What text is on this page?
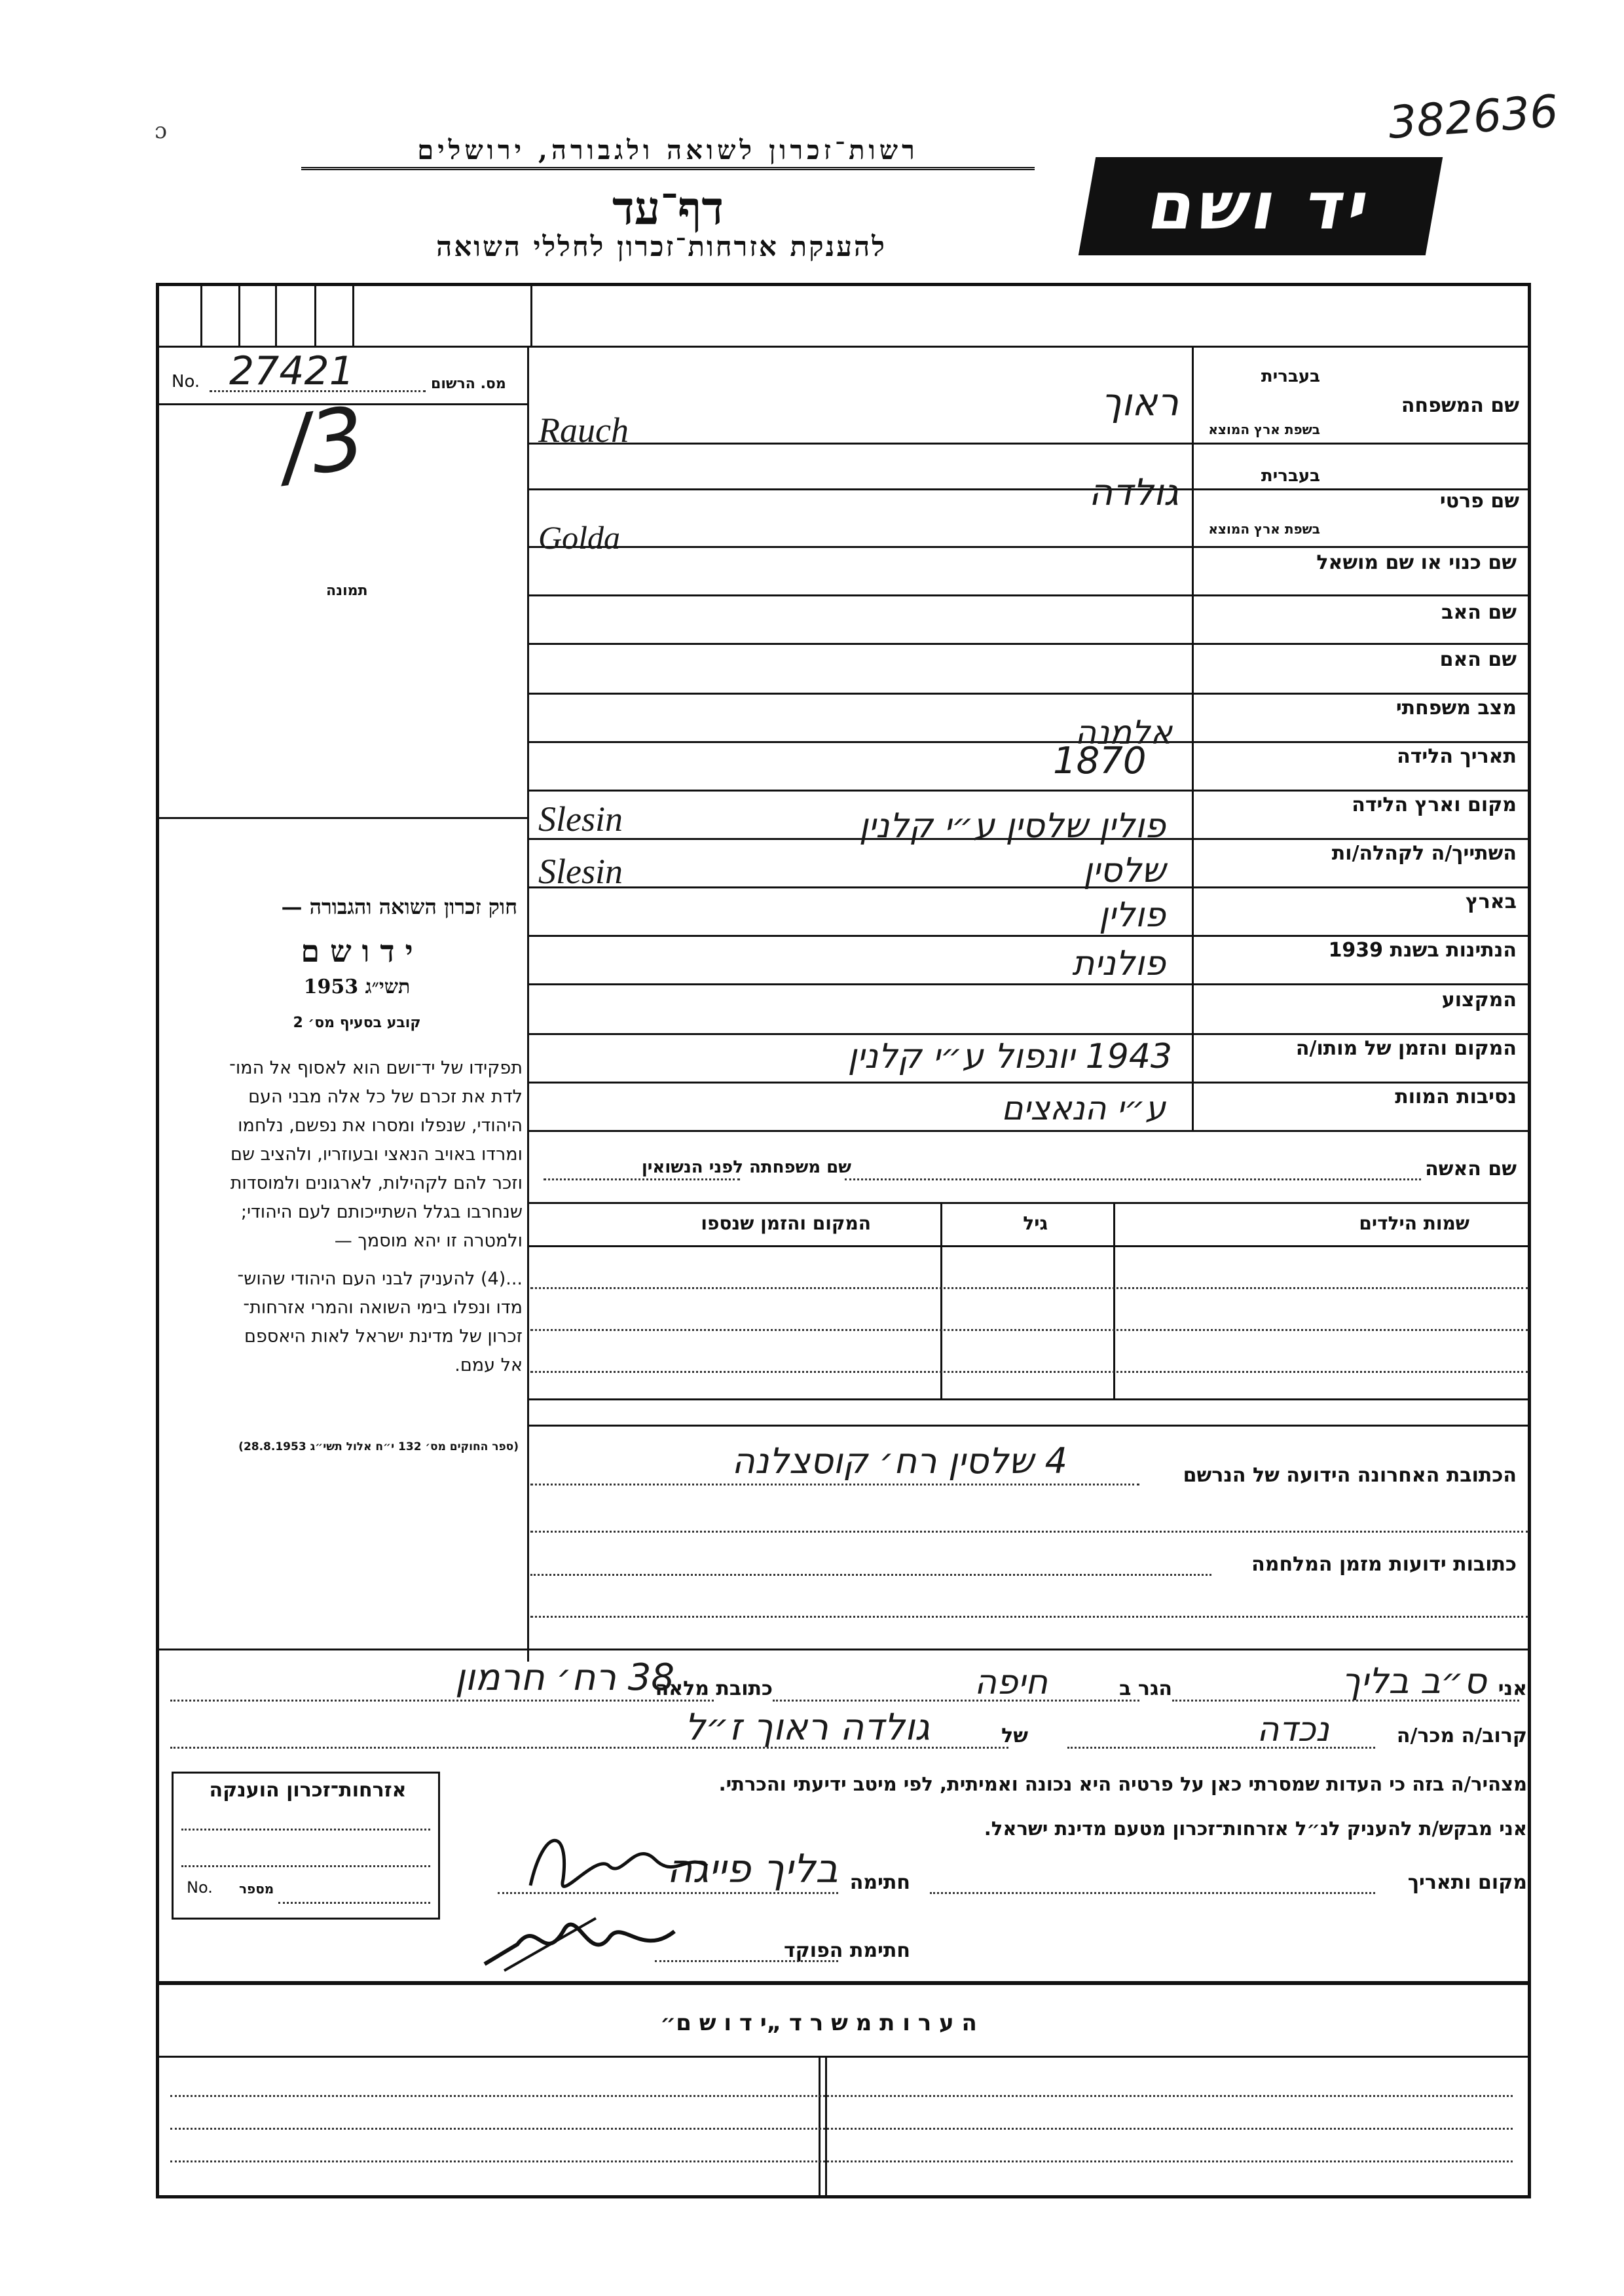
382636
ɔ
רשות־זכרון לשואה ולגבורה, ירושלים
דף־עד
להענקת אזרחות־זכרון לחללי השואה
יד ושם
No. 27421	מס. הרשום
/3
תמונה
חוק זכרון השואה והגבורה —
י ד ו ש ם
תשי״ג 1953
קובע בסעיף מס׳ 2
תפקידו של יד־ושם הוא לאסוף אל המו־
לדת את זכרם של כל אלה מבני העם
היהודי, שנפלו ומסרו את נפשם, נלחמו
ומרדו באויב הנאצי ובעוזריו, ולהציב שם
וזכר להם לקהילות, לארגונים ולמוסדות
שנחרבו בגלל השתייכותם לעם היהודי;
ולמטרה זו יהא מוסמך —
...(4) להעניק לבני העם היהודי שהוש־
מדו ונפלו בימי השואה והמרי אזרחות־
זכרון של מדינת ישראל לאות היאספם
אל עמם.
(ספר החוקים מס׳ 132 י״ח אלול תשי״ג 28.8.1953)
שם המשפחה
בעברית
בשפת ארץ המוצא
ראוך
Rauch
שם פרטי
בעברית
בשפת ארץ המוצא
גולדה
Golda
שם כנוי או שם מושאל
שם האב
שם האם
מצב משפחתי
תאריך הלידה
מקום וארץ הלידה
השתייך/ה לקהלה/ות
בארץ
הנתינות בשנת 1939
המקצוע
המקום והזמן של מותו/ה
נסיבות המוות
אלמנה
1870
פולין שלסין ע״י קלנין
Slesin
שלסין
Slesin
פולין
פולנית
1943 יונפול ע״י קלנין
ע״י הנאצים
שם האשה
שם משפחתה לפני הנשואין
שמות הילדים
גיל
המקום והזמן שנספו
הכתובת האחרונה הידועה של הנרשם
4 שלסין רח׳ קוסצלנה
כתובות ידועות מזמן המלחמה
אני
ס״ב בליך
הגר ב
חיפה
כתובת מלאה
38 רח׳ חרמון
קרוב/ה מכר/ה
נכדה
של
גולדה ראוך ז״ל
מצהיר/ה בזה כי העדות שמסרתי כאן על פרטיה היא נכונה ואמיתית, לפי מיטב ידיעתי והכרתי.
אני מבקש/ת להעניק לנ״ל אזרחות־זכרון מטעם מדינת ישראל.
מקום ותאריך
חתימה
בליך פייגה
חתימת הפוקד
אזרחות־זכרון הוענקה
No. מספר
ה ע ר ו ת מ ש ר ד „י ד ו ש ם״
